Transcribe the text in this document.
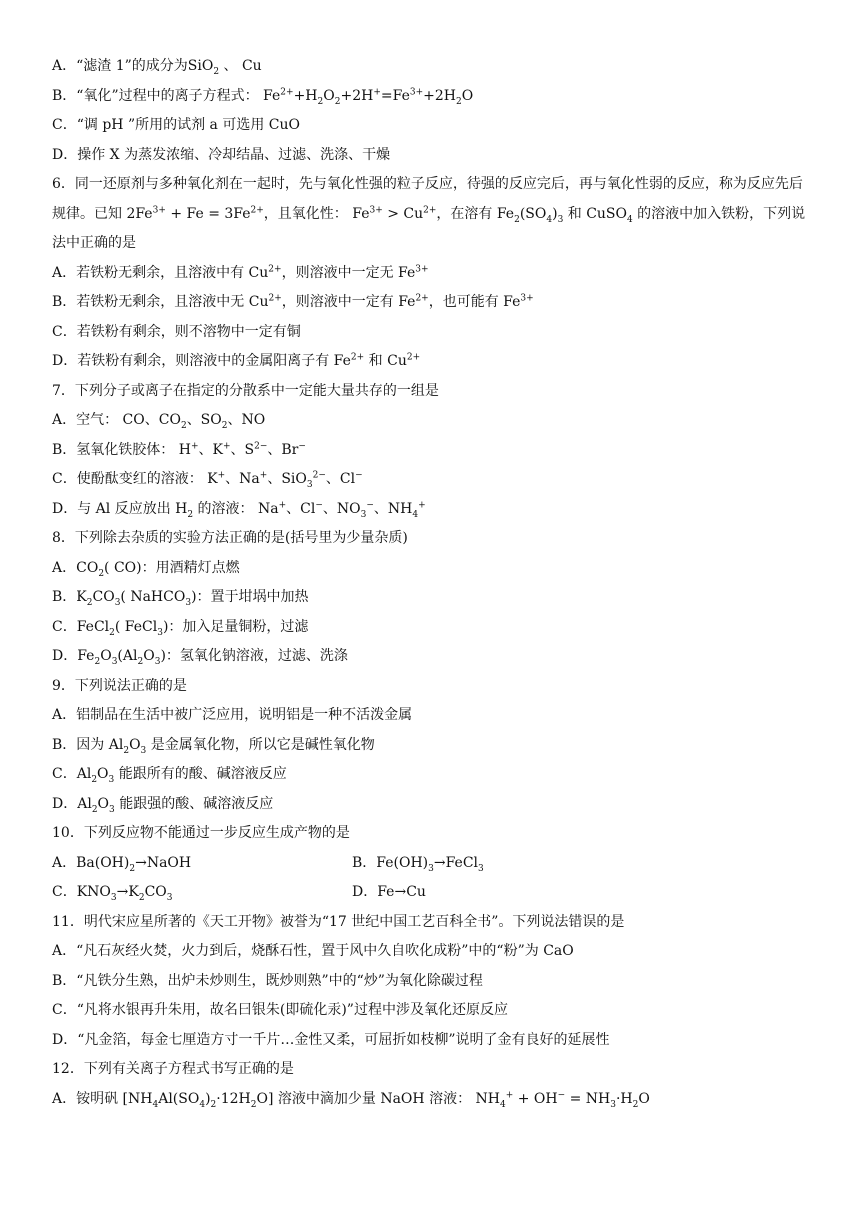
A．“滤渣 1”的成分为SiO$_2$ 、 Cu
B．“氧化”过程中的离子方程式： $Fe^{2+}+H_2O_2+2H^+=Fe^{3+}+2H_2O$
C．“调 pH ”所用的试剂 a 可选用 CuO
D．操作 X 为蒸发浓缩、冷却结晶、过滤、洗涤、干燥
6．同一还原剂与多种氧化剂在一起时，先与氧化性强的粒子反应，待强的反应完后，再与氧化性弱的反应，称为反应先后规律。已知 $2Fe^{3+} + Fe = 3Fe^{2+}$，且氧化性： $Fe^{3+} > Cu^{2+}$，在溶有 $Fe_2(SO_4)_3$ 和 CuSO$_4$ 的溶液中加入铁粉，下列说法中正确的是
A．若铁粉无剩余，且溶液中有 $Cu^{2+}$，则溶液中一定无 $Fe^{3+}$
B．若铁粉无剩余，且溶液中无 $Cu^{2+}$，则溶液中一定有 $Fe^{2+}$，也可能有 $Fe^{3+}$
C．若铁粉有剩余，则不溶物中一定有铜
D．若铁粉有剩余，则溶液中的金属阳离子有 $Fe^{2+}$ 和 $Cu^{2+}$
7．下列分子或离子在指定的分散系中一定能大量共存的一组是
A．空气： CO、$CO_2$、$SO_2$、NO
B．氢氧化铁胶体： H+、K+、$S^{2-}$、Br−
C．使酚酞变红的溶液： K+、Na+、SiO$_3^{2-}$、Cl−
D．与 Al 反应放出 $H_2$ 的溶液： Na+、Cl−、$NO_3^-$、$NH_4^+$
8．下列除去杂质的实验方法正确的是(括号里为少量杂质)
A．$CO_2$( CO)：用酒精灯点燃
B．$K_2CO_3$( NaHCO$_3$)：置于坩埚中加热
C．FeCl$_2$( FeCl$_3$)：加入足量铜粉，过滤
D．$Fe_2O_3(Al_2O_3)$：氢氧化钠溶液，过滤、洗涤
9．下列说法正确的是
A．铝制品在生活中被广泛应用，说明铝是一种不活泼金属
B．因为 $Al_2O_3$ 是金属氧化物，所以它是碱性氧化物
C．$Al_2O_3$ 能跟所有的酸、碱溶液反应
D．$Al_2O_3$ 能跟强的酸、碱溶液反应
10．下列反应物不能通过一步反应生成产物的是
A．$Ba(OH)_2\to NaOH$	B．$Fe(OH)_3\to FeCl_3$
C．$KNO_3\to K_2CO_3$	D．Fe→Cu
11．明代宋应星所著的《天工开物》被誉为“17 世纪中国工艺百科全书”。下列说法错误的是
A．“凡石灰经火焚，火力到后，烧酥石性，置于风中久自吹化成粉”中的“粉”为 CaO
B．“凡铁分生熟，出炉未炒则生，既炒则熟”中的“炒”为氧化除碳过程
C．“凡将水银再升朱用，故名曰银朱(即硫化汞)”过程中涉及氧化还原反应
D．“凡金箔，每金七厘造方寸一千片…金性又柔，可屈折如枝柳”说明了金有良好的延展性
12．下列有关离子方程式书写正确的是
A．铵明矾 $[NH_4Al(SO_4)_2\cdot 12H_2O]$ 溶液中滴加少量 NaOH 溶液： $NH_4^+ + OH^- = NH_3\cdot H_2O$
